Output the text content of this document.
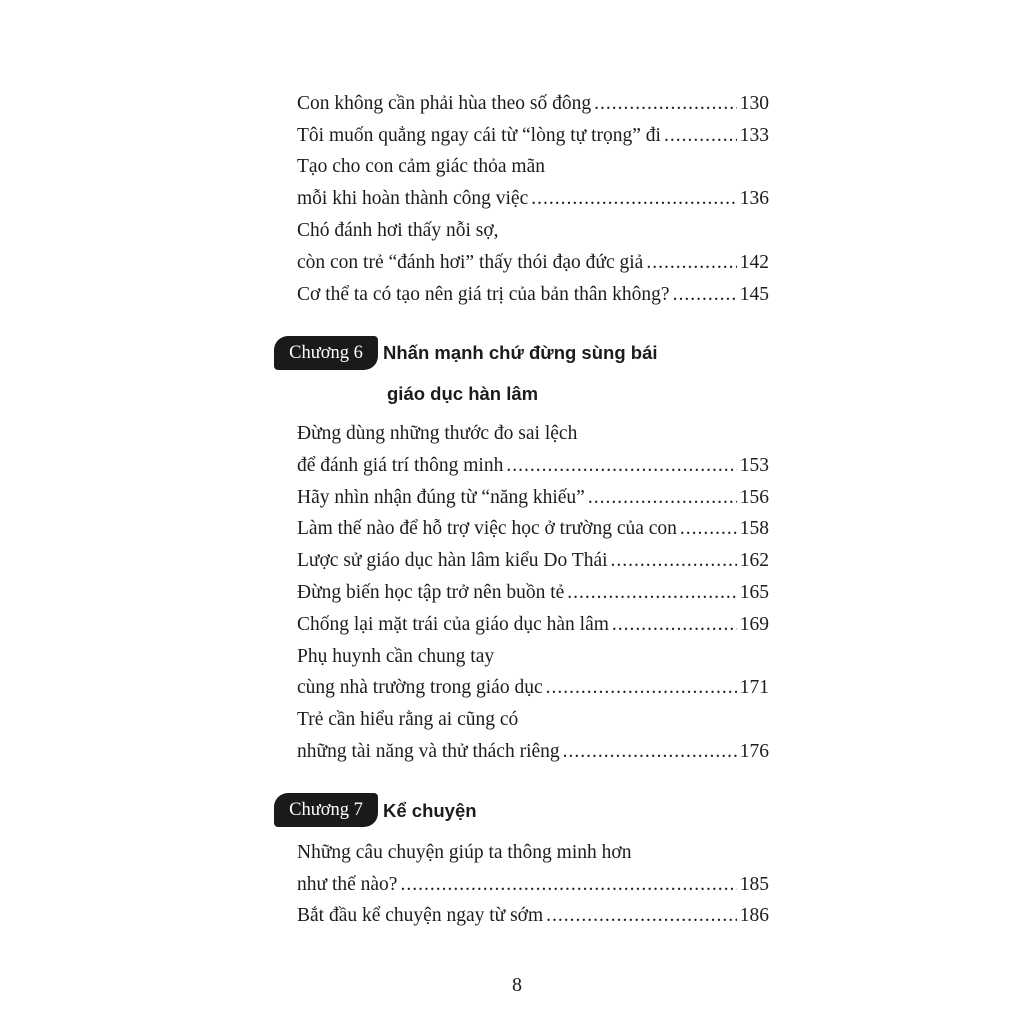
Con không cần phải hùa theo số đông .....	130
Tôi muốn quẳng ngay cái từ “lòng tự trọng” đi .....	133
Tạo cho con cảm giác thỏa mãn
mỗi khi hoàn thành công việc .....	136
Chó đánh hơi thấy nỗi sợ,
còn con trẻ “đánh hơi” thấy thói đạo đức giả .....	142
Cơ thể ta có tạo nên giá trị của bản thân không? .....	145
Chương 6	Nhấn mạnh chứ đừng sùng bái
giáo dục hàn lâm
Đừng dùng những thước đo sai lệch
để đánh giá trí thông minh .....	153
Hãy nhìn nhận đúng từ “năng khiếu” .....	156
Làm thế nào để hỗ trợ việc học ở trường của con .....	158
Lược sử giáo dục hàn lâm kiểu Do Thái .....	162
Đừng biến học tập trở nên buồn tẻ .....	165
Chống lại mặt trái của giáo dục hàn lâm .....	169
Phụ huynh cần chung tay
cùng nhà trường trong giáo dục .....	171
Trẻ cần hiểu rằng ai cũng có
những tài năng và thử thách riêng .....	176
Chương 7	Kể chuyện
Những câu chuyện giúp ta thông minh hơn
như thế nào? .....	185
Bắt đầu kể chuyện ngay từ sớm .....	186
8
